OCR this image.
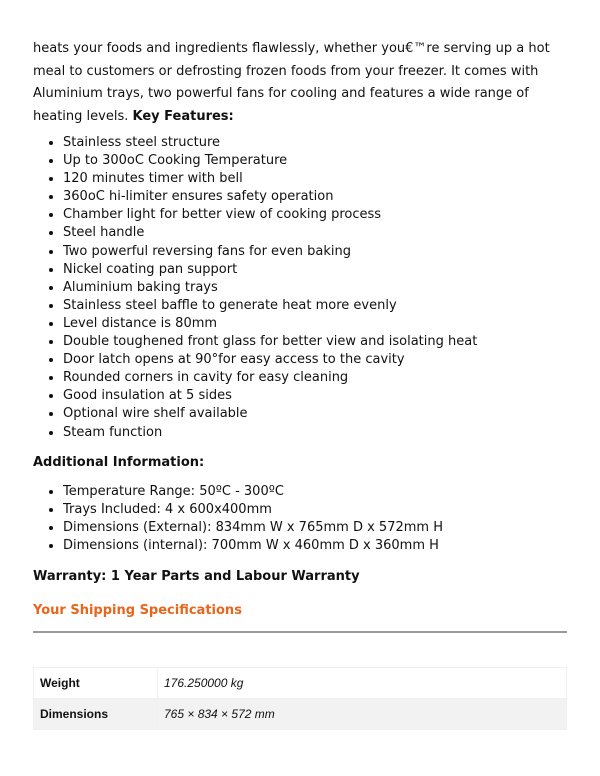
heats your foods and ingredients flawlessly, whether you€™re serving up a hot meal to customers or defrosting frozen foods from your freezer. It comes with Aluminium trays, two powerful fans for cooling and features a wide range of heating levels. Key Features:

• Stainless steel structure
• Up to 300oC Cooking Temperature
• 120 minutes timer with bell
• 360oC hi-limiter ensures safety operation
• Chamber light for better view of cooking process
• Steel handle
• Two powerful reversing fans for even baking
• Nickel coating pan support
• Aluminium baking trays
• Stainless steel baffle to generate heat more evenly
• Level distance is 80mm
• Double toughened front glass for better view and isolating heat
• Door latch opens at 90°for easy access to the cavity
• Rounded corners in cavity for easy cleaning
• Good insulation at 5 sides
• Optional wire shelf available
• Steam function

Additional Information:

• Temperature Range: 50ºC - 300ºC
• Trays Included: 4 x 600x400mm
• Dimensions (External): 834mm W x 765mm D x 572mm H
• Dimensions (internal): 700mm W x 460mm D x 360mm H

Warranty: 1 Year Parts and Labour Warranty

Your Shipping Specifications

Weight	176.250000 kg
Dimensions	765 × 834 × 572 mm
